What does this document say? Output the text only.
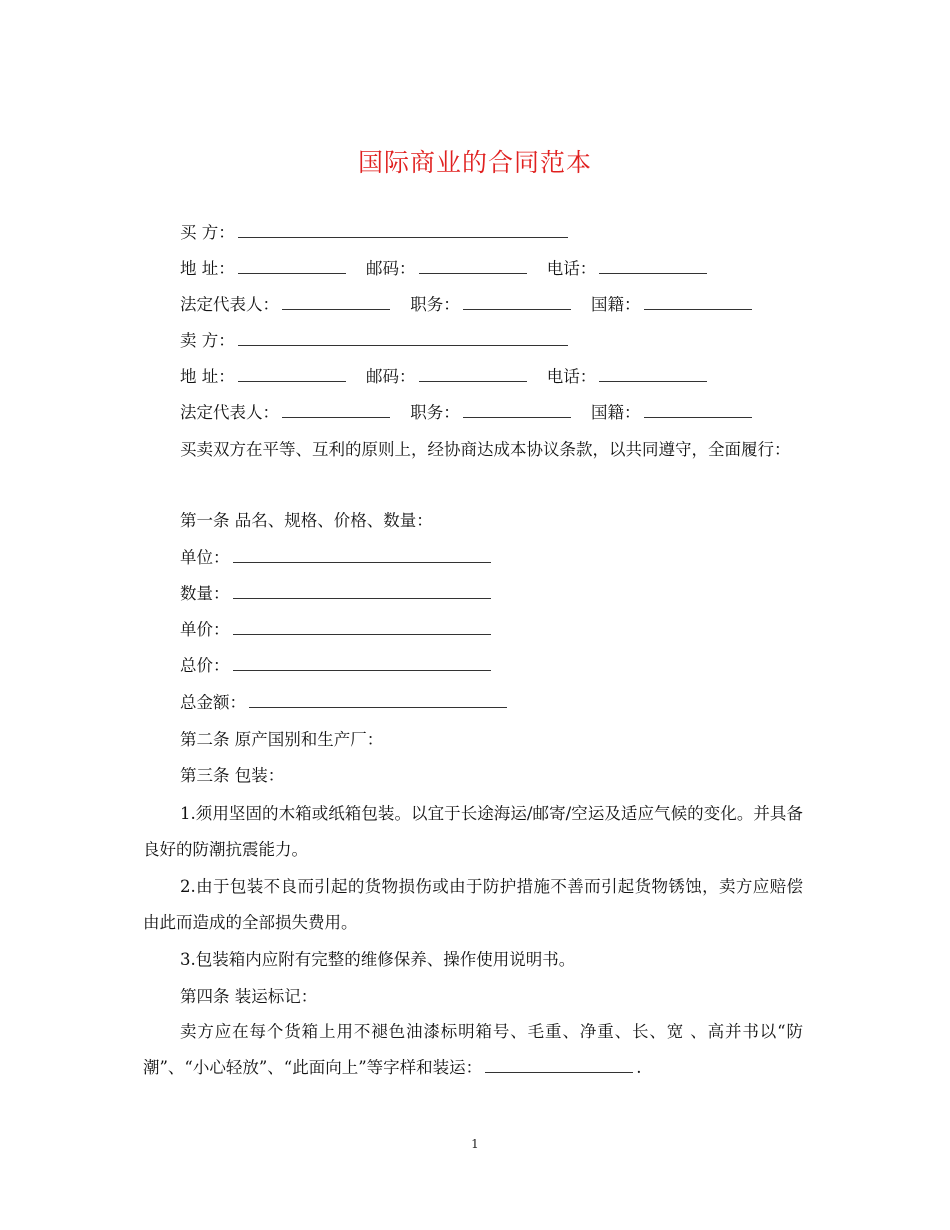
国际商业的合同范本
买 方：
地 址：	邮码：	电话：
法定代表人：	职务：	国籍：
卖 方：
地 址：	邮码：	电话：
法定代表人：	职务：	国籍：
买卖双方在平等、互利的原则上，经协商达成本协议条款，以共同遵守，全面履行：
第一条 品名、规格、价格、数量：
单位：
数量：
单价：
总价：
总金额：
第二条 原产国别和生产厂：
第三条 包装：
1.须用坚固的木箱或纸箱包装。以宜于长途海运/邮寄/空运及适应气候的变化。并具备良好的防潮抗震能力。
2.由于包装不良而引起的货物损伤或由于防护措施不善而引起货物锈蚀，卖方应赔偿由此而造成的全部损失费用。
3.包装箱内应附有完整的维修保养、操作使用说明书。
第四条 装运标记：
卖方应在每个货箱上用不褪色油漆标明箱号、毛重、净重、长、宽 、高并书以“防潮”、“小心轻放”、“此面向上”等字样和装运：	.
1
